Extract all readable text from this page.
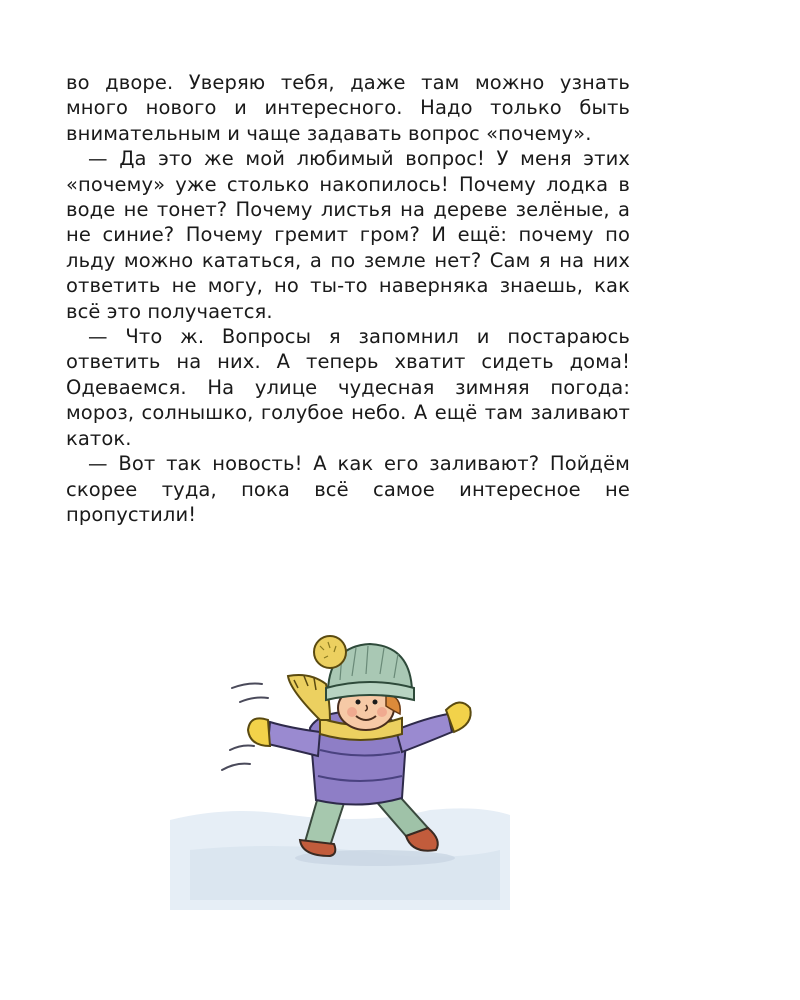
во дворе. Уверяю тебя, даже там можно узнать много нового и интересного. Надо только быть внимательным и чаще задавать вопрос «почему».

— Да это же мой любимый вопрос! У меня этих «почему» уже столько накопилось! Почему лодка в воде не тонет? Почему листья на дереве зелёные, а не синие? Почему гремит гром? И ещё: почему по льду можно кататься, а по земле нет? Сам я на них ответить не могу, но ты-то наверняка знаешь, как всё это получается.

— Что ж. Вопросы я запомнил и постараюсь ответить на них. А теперь хватит сидеть дома! Одеваемся. На улице чудесная зимняя погода: мороз, солнышко, голубое небо. А ещё там заливают каток.

— Вот так новость! А как его заливают? Пойдём скорее туда, пока всё самое интересное не пропустили!
